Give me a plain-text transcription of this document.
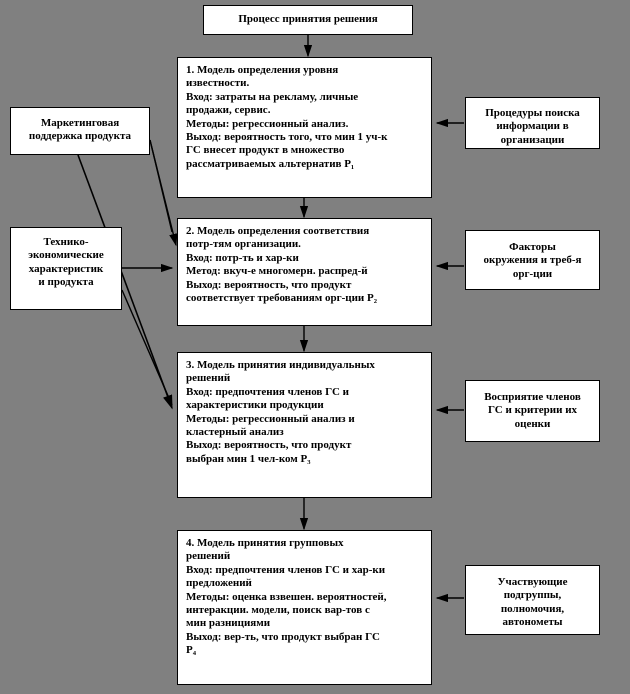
Процесс принятия решения
1. Модель определения уровня
известности.
Вход: затраты на рекламу, личные
продажи, сервис.
Методы: регрессионный анализ.
Выход: вероятность того, что мин 1 уч-к
ГС внесет продукт в множество
рассматриваемых альтернатив P₁
2. Модель определения соответствия
потр-тям организации.
Вход: потр-ть и хар-ки
Метод: вкуч-е многомерн. распред-й
Выход: вероятность, что продукт
соответствует требованиям орг-ции P₂
3. Модель принятия индивидуальных
решений
Вход: предпочтения членов ГС и
характеристики продукции
Методы: регрессионный анализ и
кластерный анализ
Выход: вероятность, что продукт
выбран мин 1 чел-ком P₃
4. Модель принятия групповых
решений
Вход: предпочтения членов ГС и хар-ки
предложений
Методы: оценка взвешен. вероятностей,
интеракции. модели, поиск вар-тов с
мин разнициями
Выход: вер-ть, что продукт выбран ГС
P₄
Маркетинговая
поддержка продукта
Технико-
экономические
характеристик
и продукта
Процедуры поиска
информации в
организации
Факторы
окружения и треб-я
орг-ции
Восприятие членов
ГС и критерии их
оценки
Участвующие
подгруппы,
полномочия,
автонометы
